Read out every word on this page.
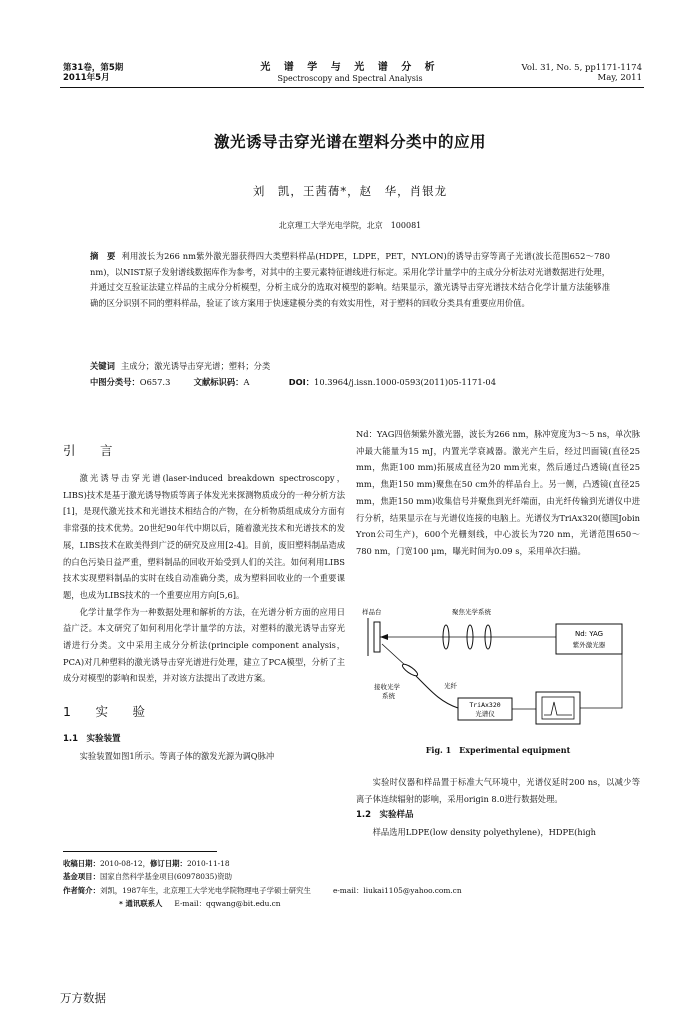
第31卷，第5期
2011年5月
光 谱 学 与 光 谱 分 析
Spectroscopy and Spectral Analysis
Vol. 31, No. 5, pp1171-1174
May, 2011
激光诱导击穿光谱在塑料分类中的应用
刘　凯，王茜蒨*，赵　华，肖银龙
北京理工大学光电学院，北京　100081
摘　要 利用波长为266 nm紫外激光器获得四大类塑料样品(HDPE，LDPE，PET，NYLON)的诱导击穿等离子光谱(波长范围652～780 nm)，以NIST原子发射谱线数据库作为参考，对其中的主要元素特征谱线进行标定。采用化学计量学中的主成分分析法对光谱数据进行处理，并通过交互验证法建立样品的主成分分析模型，分析主成分的选取对模型的影响。结果显示，激光诱导击穿光谱技术结合化学计量方法能够准确的区分识别不同的塑料样品，验证了该方案用于快速建模分类的有效实用性，对于塑料的回收分类具有重要应用价值。
关键词 主成分；激光诱导击穿光谱；塑料；分类
中图分类号：O657.3	文献标识码：A	DOI：10.3964/j.issn.1000-0593(2011)05-1171-04
引　言
激光诱导击穿光谱(laser-induced breakdown spectroscopy，LIBS)技术是基于激光诱导物质等离子体发光来探测物质成分的一种分析方法[1]，是现代激光技术和光谱技术相结合的产物，在分析物质组成成分方面有非常强的技术优势。20世纪90年代中期以后，随着激光技术和光谱技术的发展，LIBS技术在欧美得到广泛的研究及应用[2-4]。目前，废旧塑料制品造成的白色污染日益严重，塑料制品的回收开始受到人们的关注。如何利用LIBS技术实现塑料制品的实时在线自动准确分类，成为塑料回收业的一个重要课题，也成为LIBS技术的一个重要应用方向[5,6]。
化学计量学作为一种数据处理和解析的方法，在光谱分析方面的应用日益广泛。本文研究了如何利用化学计量学的方法，对塑料的激光诱导击穿光谱进行分类。文中采用主成分分析法(principle component analysis，PCA)对几种塑料的激光诱导击穿光谱进行处理，建立了PCA模型，分析了主成分对模型的影响和误差，并对该方法提出了改进方案。
1　实　验
1.1　实验装置
实验装置如图1所示。等离子体的激发光源为调Q脉冲
Nd：YAG四倍频紫外激光器，波长为266 nm，脉冲宽度为3～5 ns，单次脉冲最大能量为15 mJ，内置光学衰减器。激光产生后，经过凹面镜(直径25 mm，焦距100 mm)拓展成直径为20 mm光束，然后通过凸透镜(直径25 mm，焦距150 mm)聚焦在50 cm外的样品台上。另一侧，凸透镜(直径25 mm，焦距150 mm)收集信号并聚焦到光纤端面，由光纤传输到光谱仪中进行分析，结果显示在与光谱仪连接的电脑上。光谱仪为TriAx320(德国Jobin Yron公司生产)，600个光栅刻线，中心波长为720 nm，光谱范围650～780 nm，门宽100 μm，曝光时间为0.09 s，采用单次扫描。
样品台	聚焦光学系统
Nd: YAG
紫外激光器
接收光学
系统
光纤
TriAx320
光谱仪
Fig. 1　Experimental equipment
实验时仪器和样品置于标准大气环境中，光谱仪延时200 ns，以减少等离子体连续辐射的影响，采用origin 8.0进行数据处理。
1.2　实验样品
样品选用LDPE(low density polyethylene)，HDPE(high
收稿日期：2010-08-12，修订日期：2010-11-18
基金项目：国家自然科学基金项目(60978035)资助
作者简介：刘凯，1987年生，北京理工大学光电学院物理电子学硕士研究生	e-mail：liukai1105@yahoo.com.cn
* 通讯联系人 E-mail：qqwang@bit.edu.cn
万方数据
